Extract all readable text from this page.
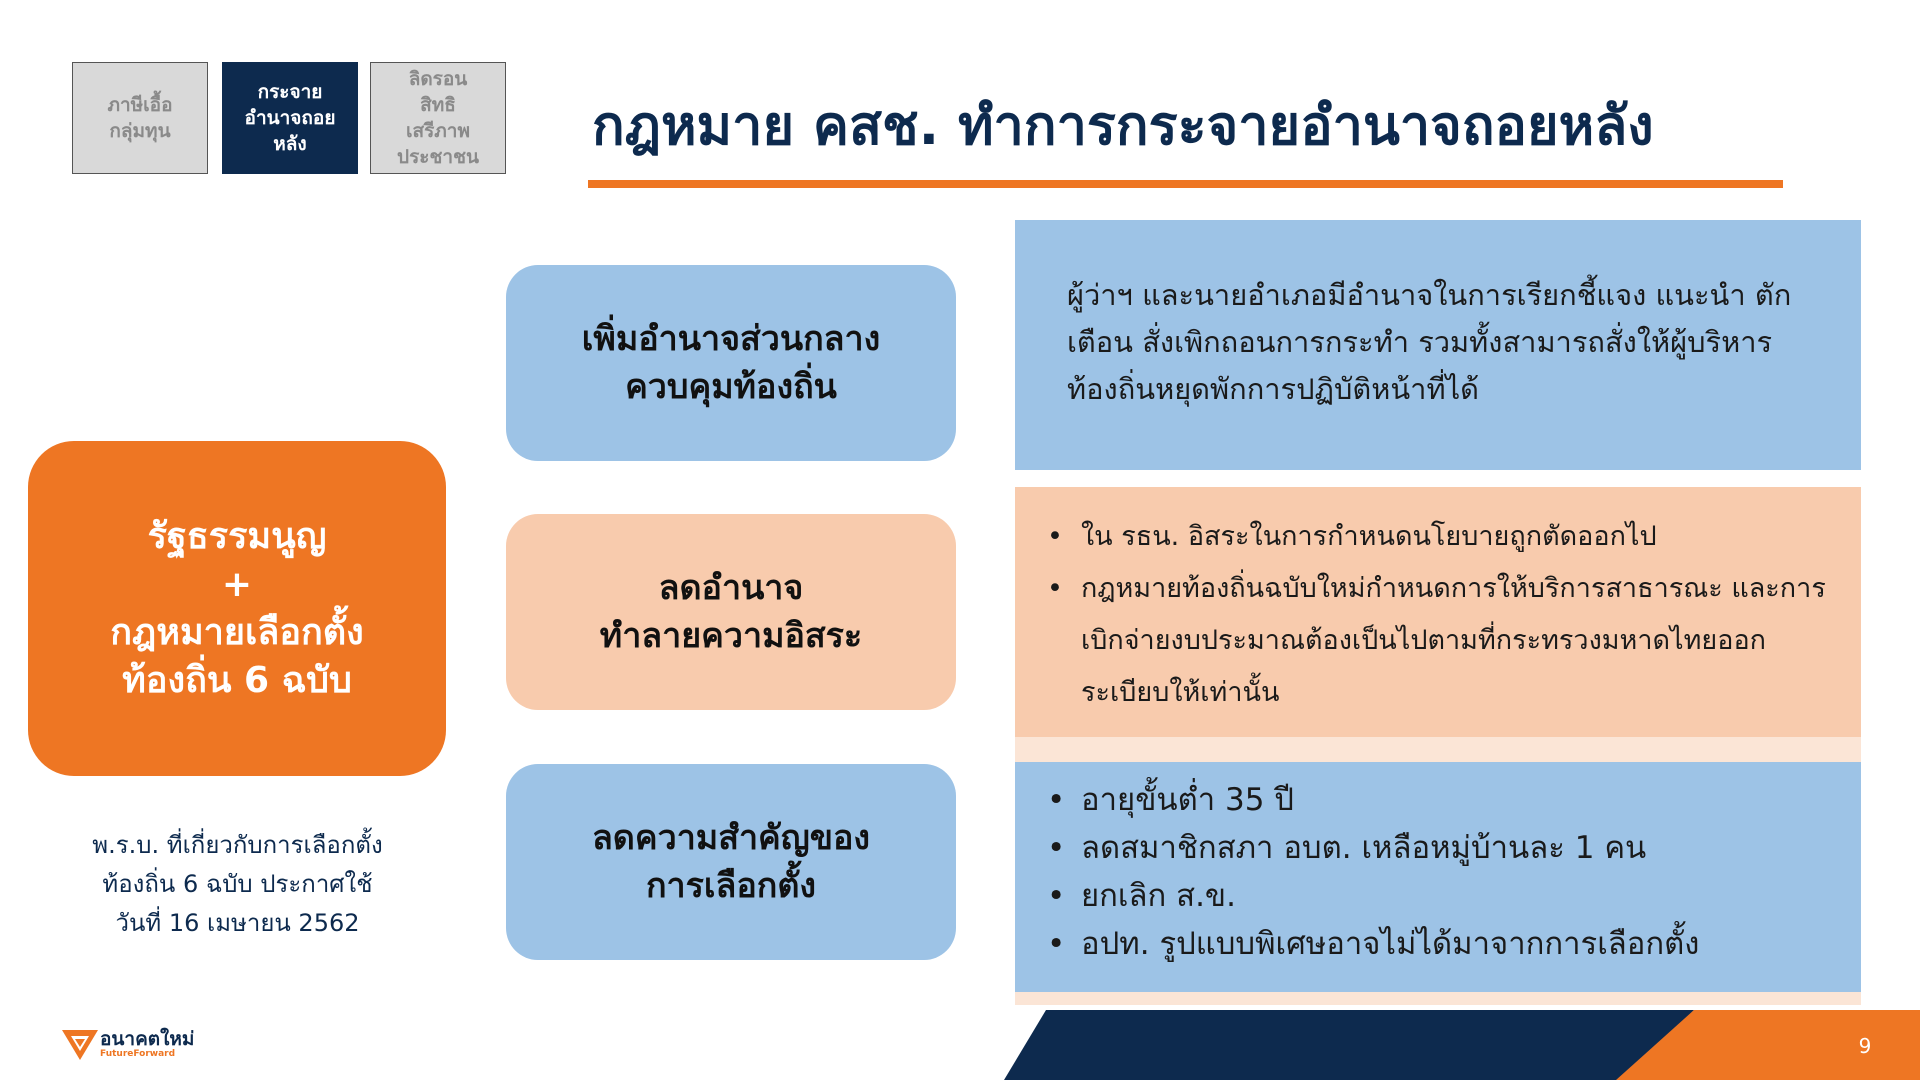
ภาษีเอื้อ
กลุ่มทุน
กระจาย
อำนาจถอย
หลัง
ลิดรอน
สิทธิ
เสรีภาพ
ประชาชน	กฎหมาย คสช. ทำการกระจายอำนาจถอยหลัง
รัฐธรรมนูญ
+
กฎหมายเลือกตั้ง
ท้องถิ่น 6 ฉบับ
พ.ร.บ. ที่เกี่ยวกับการเลือกตั้ง
ท้องถิ่น 6 ฉบับ ประกาศใช้
วันที่ 16 เมษายน 2562
เพิ่มอำนาจส่วนกลาง
ควบคุมท้องถิ่น
ลดอำนาจ
ทำลายความอิสระ
ลดความสำคัญของ
การเลือกตั้ง
ผู้ว่าฯ และนายอำเภอมีอำนาจในการเรียกชี้แจง แนะนำ ตักเตือน สั่งเพิกถอนการกระทำ รวมทั้งสามารถสั่งให้ผู้บริหารท้องถิ่นหยุดพักการปฏิบัติหน้าที่ได้
• ใน รธน. อิสระในการกำหนดนโยบายถูกตัดออกไป
• กฎหมายท้องถิ่นฉบับใหม่กำหนดการให้บริการสาธารณะ และการเบิกจ่ายงบประมาณต้องเป็นไปตามที่กระทรวงมหาดไทยออกระเบียบให้เท่านั้น
• อายุขั้นต่ำ 35 ปี
• ลดสมาชิกสภา อบต. เหลือหมู่บ้านละ 1 คน
• ยกเลิก ส.ข.
• อปท. รูปแบบพิเศษอาจไม่ได้มาจากการเลือกตั้ง
9
อนาคตใหม่
FutureForward
